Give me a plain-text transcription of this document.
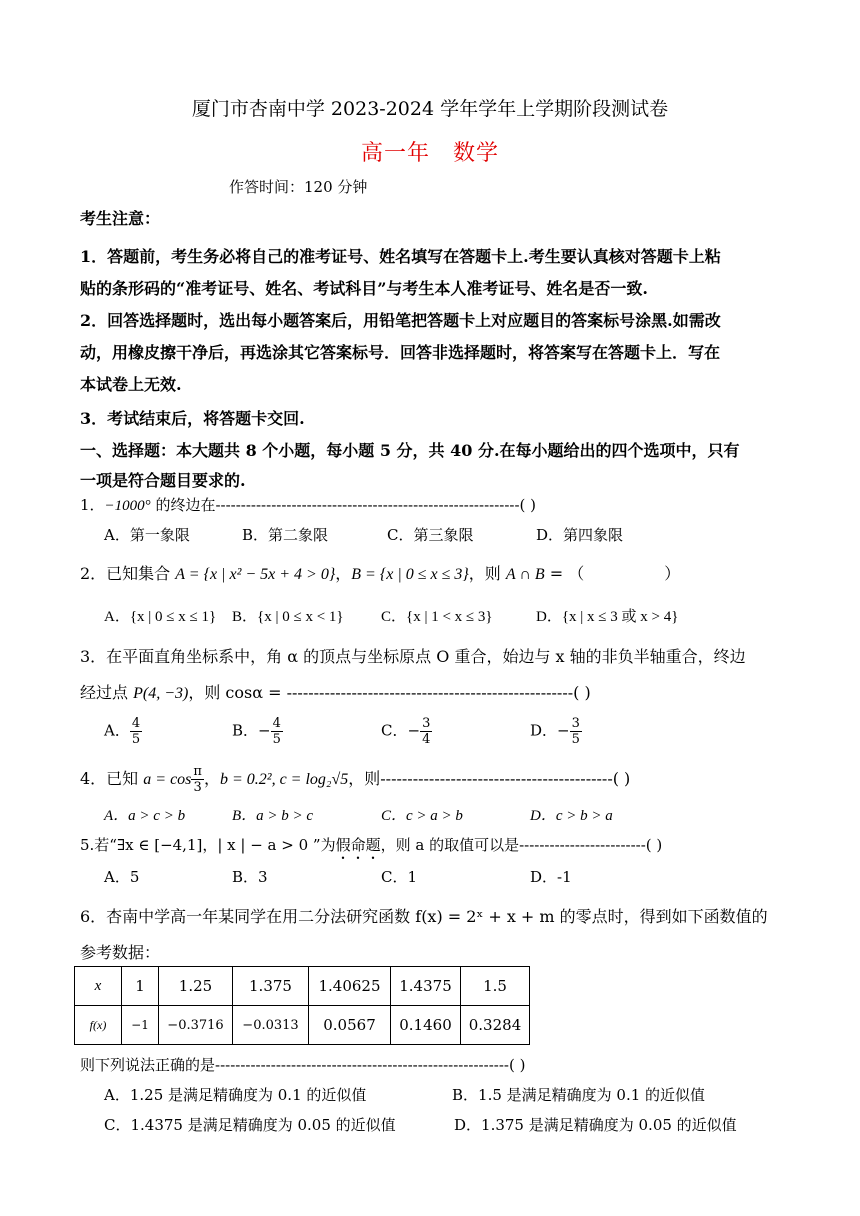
厦门市杏南中学 2023-2024 学年学年上学期阶段测试卷
高一年　数学
作答时间：120 分钟
考生注意：
1．答题前，考生务必将自己的准考证号、姓名填写在答题卡上.考生要认真核对答题卡上粘
贴的条形码的“准考证号、姓名、考试科目”与考生本人准考证号、姓名是否一致.
2．回答选择题时，选出每小题答案后，用铅笔把答题卡上对应题目的答案标号涂黑.如需改
动，用橡皮擦干净后，再选涂其它答案标号．回答非选择题时，将答案写在答题卡上．写在
本试卷上无效.
3．考试结束后，将答题卡交回.
一、选择题：本大题共 8 个小题，每小题 5 分，共 40 分.在每小题给出的四个选项中，只有
一项是符合题目要求的.
1．−1000° 的终边在------------------------------------------------------------( )
A．第一象限	B．第二象限	C．第三象限	D．第四象限
2．已知集合 A = {x | x² − 5x + 4 > 0}，B = {x | 0 ≤ x ≤ 3}，则 A ∩ B = （　　　　　）
A．{x | 0 ≤ x ≤ 1} B．{x | 0 ≤ x < 1} C．{x | 1 < x ≤ 3}	D．{x | x ≤ 3 或 x > 4}
3．在平面直角坐标系中，角 α 的顶点与坐标原点 O 重合，始边与 x 轴的非负半轴重合，终边
经过点 P(4, −3)，则 cosα = -----------------------------------------------------( )
A． $\frac{4}{5}$	B．− $\frac{4}{5}$	C．− $\frac{3}{4}$	D．− $\frac{3}{5}$
4．已知 $a = \cos \frac{\pi}{3}$ ，b = 0.2², c = log₂√5，则-------------------------------------------( )
A．a > c > b	B．a > b > c	C．c > a > b	D．c > b > a
5.若“∃x ∈ [−4,1]，| x | − a > 0 ”为假命题，则 a 的取值可以是-------------------------( )
A．5	B．3	C．1	D．-1
6．杏南中学高一年某同学在用二分法研究函数 f(x) = 2ˣ + x + m 的零点时，得到如下函数值的
参考数据：
x	1	1.25	1.375	1.40625	1.4375	1.5
f(x)	−1	−0.3716	−0.0313	0.0567	0.1460	0.3284
则下列说法正确的是----------------------------------------------------------( )
A．1.25 是满足精确度为 0.1 的近似值	B．1.5 是满足精确度为 0.1 的近似值
C．1.4375 是满足精确度为 0.05 的近似值	D．1.375 是满足精确度为 0.05 的近似值
